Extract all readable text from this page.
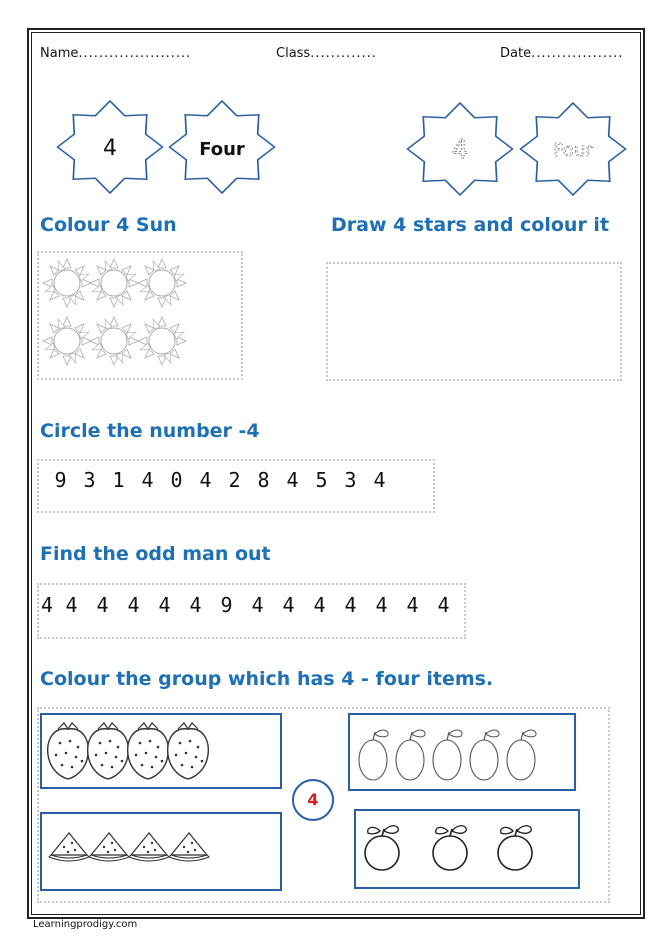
Name......................	Class.............	Date..................
4	Four	4	Four
Colour 4 Sun	Draw 4 stars and colour it
Circle the number -4
Find the odd man out
Colour the group which has 4 - four items.
9 3 1 4 0 4 2 8 4 5 3 4
4 4 4 4 4 4 9 4 4 4 4 4 4 4
4
Learningprodigy.com
